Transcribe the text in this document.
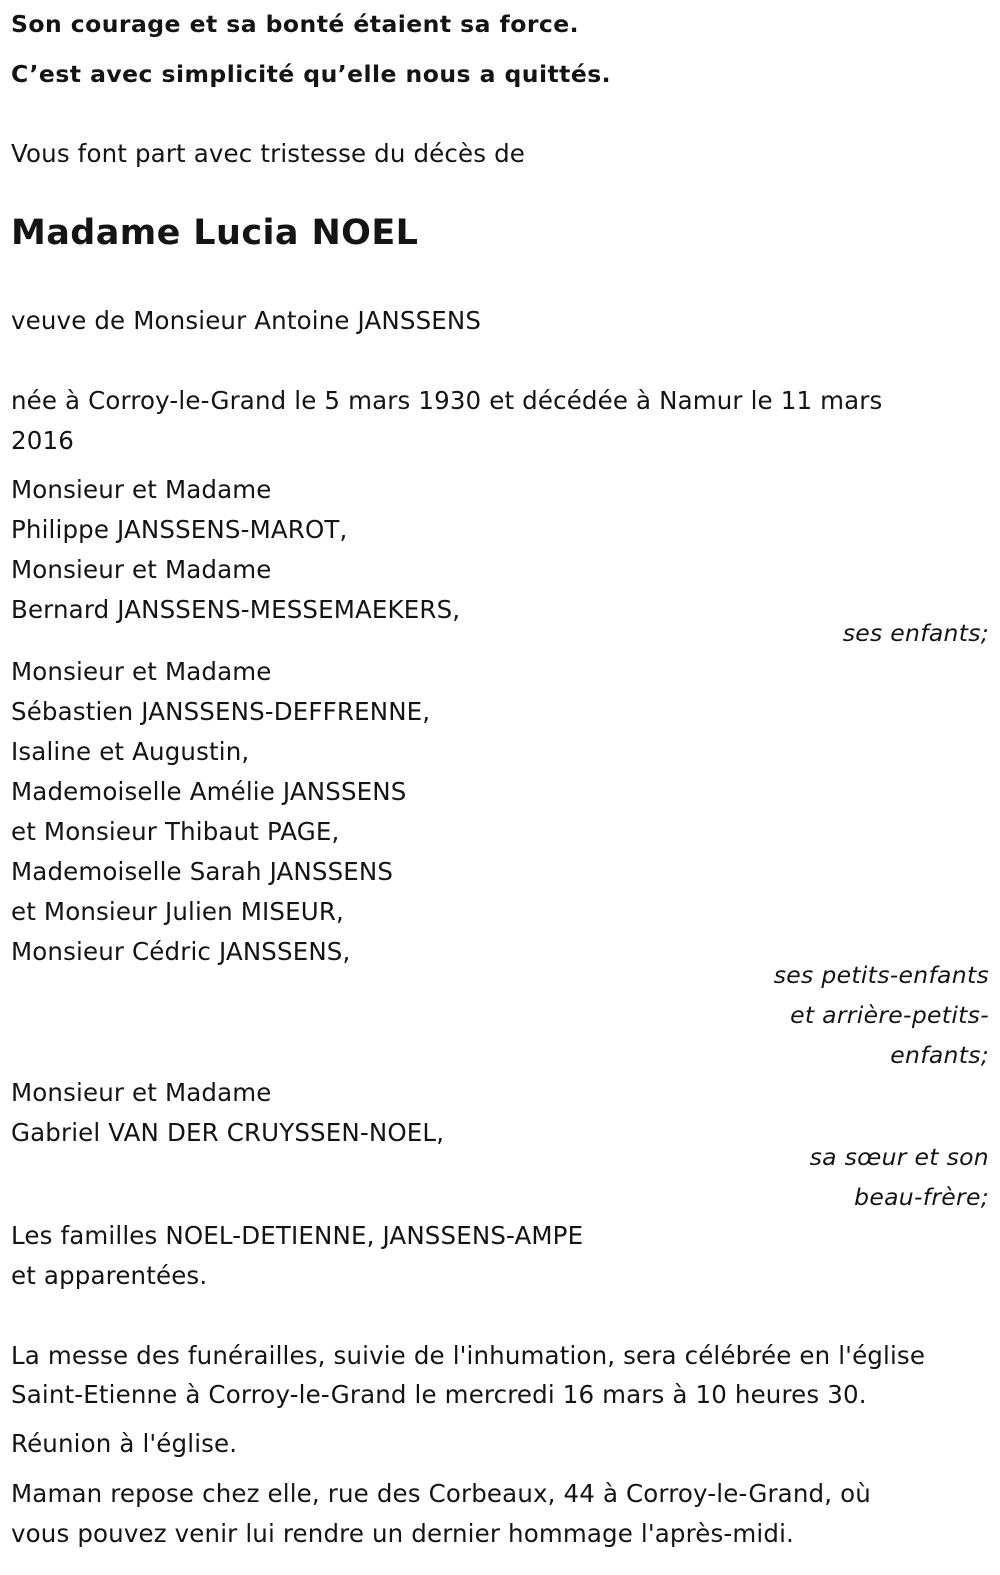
Son courage et sa bonté étaient sa force.
C’est avec simplicité qu’elle nous a quittés.
Vous font part avec tristesse du décès de
Madame Lucia NOEL
veuve de Monsieur Antoine JANSSENS
née à Corroy-le-Grand le 5 mars 1930 et décédée à Namur le 11 mars
2016
Monsieur et Madame
Philippe JANSSENS-MAROT,
Monsieur et Madame
Bernard JANSSENS-MESSEMAEKERS,
ses enfants;
Monsieur et Madame
Sébastien JANSSENS-DEFFRENNE,
Isaline et Augustin,
Mademoiselle Amélie JANSSENS
et Monsieur Thibaut PAGE,
Mademoiselle Sarah JANSSENS
et Monsieur Julien MISEUR,
Monsieur Cédric JANSSENS,
ses petits-enfants
et arrière-petits-
enfants;
Monsieur et Madame
Gabriel VAN DER CRUYSSEN-NOEL,
sa sœur et son
beau-frère;
Les familles NOEL-DETIENNE, JANSSENS-AMPE
et apparentées.
La messe des funérailles, suivie de l'inhumation, sera célébrée en l'église
Saint-Etienne à Corroy-le-Grand le mercredi 16 mars à 10 heures 30.
Réunion à l'église.
Maman repose chez elle, rue des Corbeaux, 44 à Corroy-le-Grand, où
vous pouvez venir lui rendre un dernier hommage l'après-midi.
